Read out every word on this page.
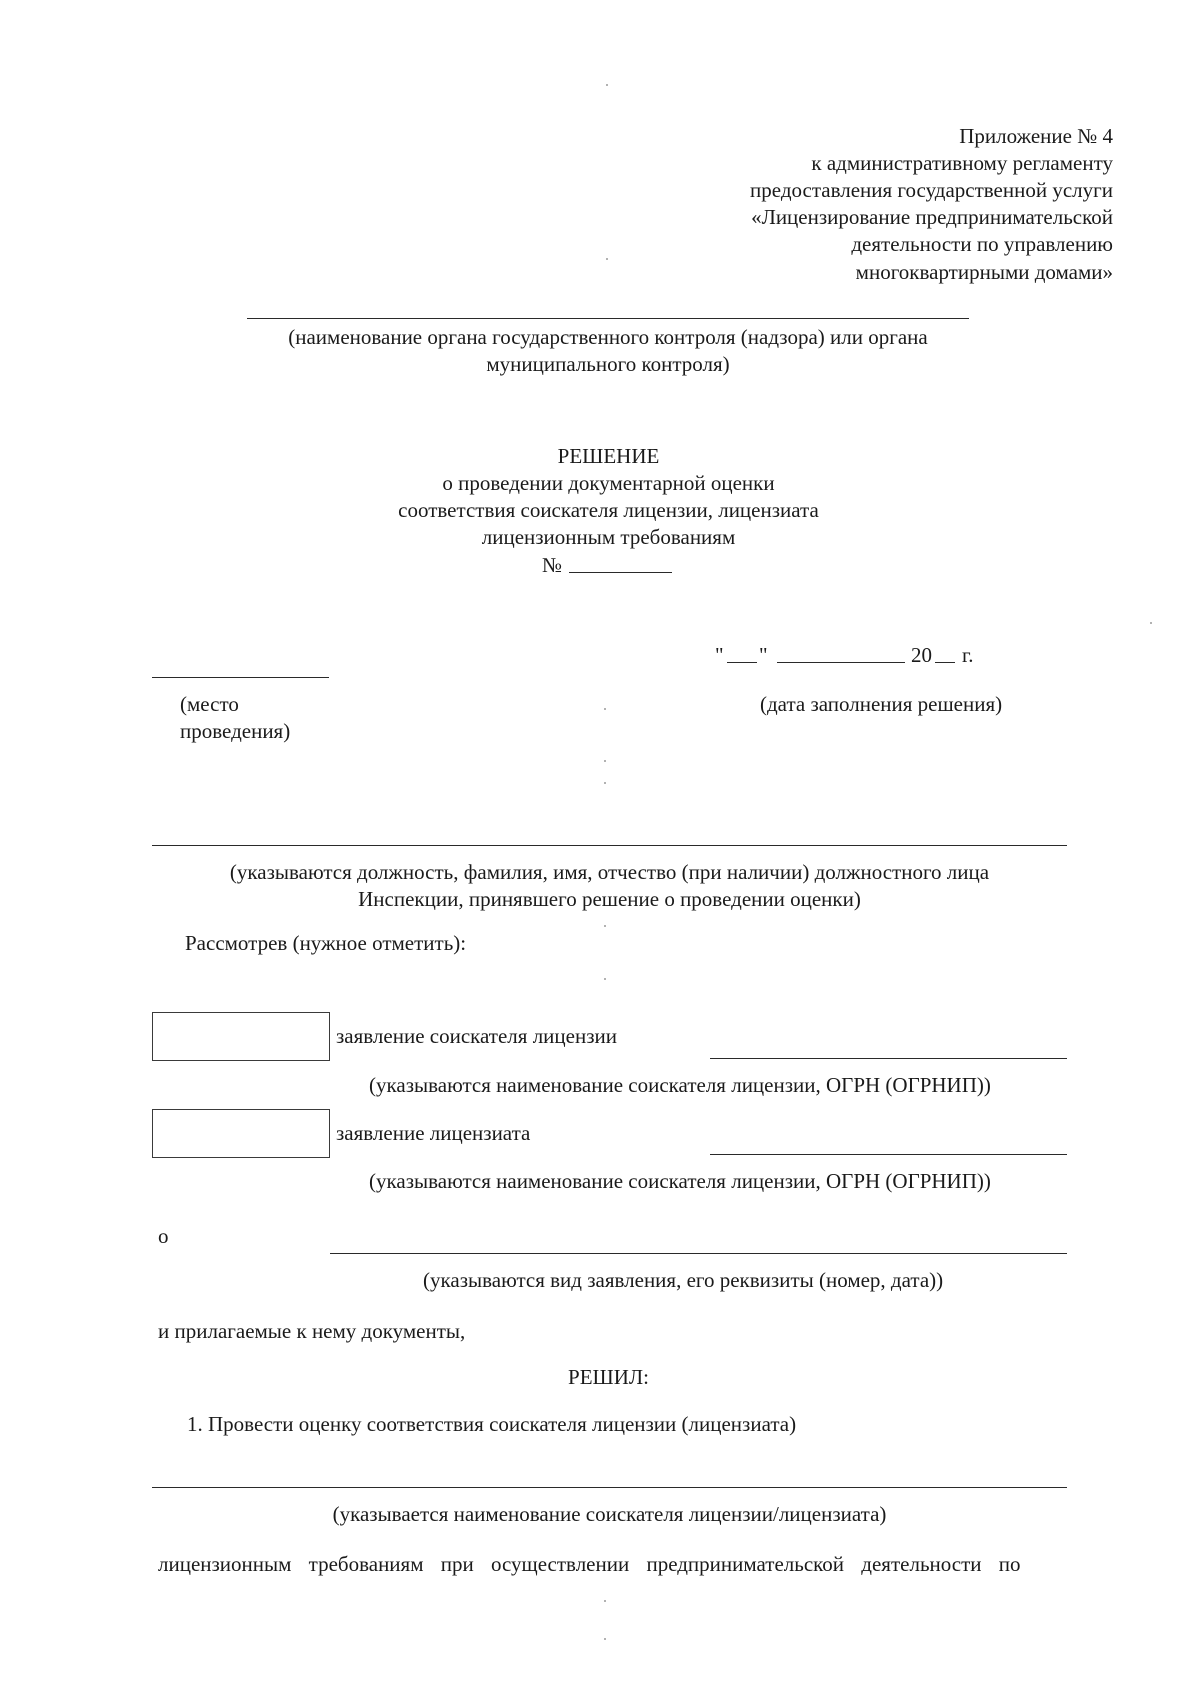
Приложение № 4

к административному регламенту

предоставления государственной услуги

«Лицензирование предпринимательской

деятельности по управлению

многоквартирными домами»

(наименование органа государственного контроля (надзора) или органа

муниципального контроля)

РЕШЕНИЕ

о проведении документарной оценки

соответствия соискателя лицензии, лицензиата

лицензионным требованиям

№

" "	20 г.

(место

проведения)

(дата заполнения решения)

(указываются должность, фамилия, имя, отчество (при наличии) должностного лица

Инспекции, принявшего решение о проведении оценки)

Рассмотрев (нужное отметить):

заявление соискателя лицензии

(указываются наименование соискателя лицензии, ОГРН (ОГРНИП))

заявление лицензиата

(указываются наименование соискателя лицензии, ОГРН (ОГРНИП))

о

(указываются вид заявления, его реквизиты (номер, дата))

и прилагаемые к нему документы,

РЕШИЛ:

1. Провести оценку соответствия соискателя лицензии (лицензиата)

(указывается наименование соискателя лицензии/лицензиата)

лицензионным требованиям при осуществлении предпринимательской деятельности по
